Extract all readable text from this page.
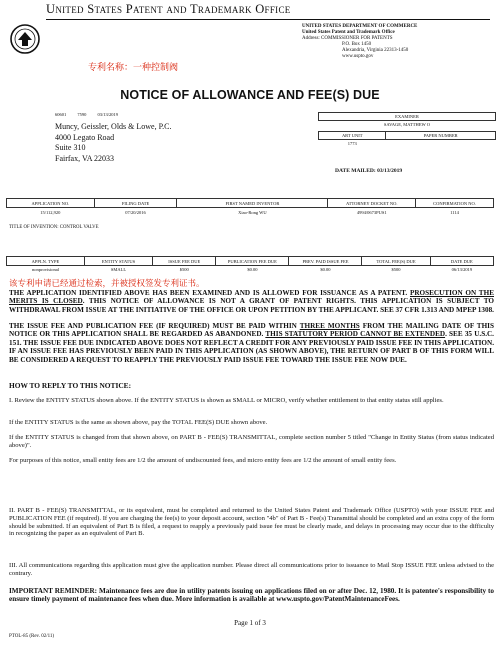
United States Patent and Trademark Office
UNITED STATES DEPARTMENT OF COMMERCE
United States Patent and Trademark Office
Address: COMMISSIONER FOR PATENTS
P.O. Box 1450
Alexandria, Virginia 22313-1450
www.uspto.gov
专利名称：一种控制阀
NOTICE OF ALLOWANCE AND FEE(S) DUE
60601 7590 03/13/2019
Muncy, Geissler, Olds & Lowe, P.C.
4000 Legato Road
Suite 310
Fairfax, VA 22033
EXAMINER	
SAVAGE, MATTHEW O	

ART UNIT	PAPER NUMBER
1773	
DATE MAILED: 03/13/2019
APPLICATION NO.	FILING DATE	FIRST NAMED INVENTOR	ATTORNEY DOCKET NO.	CONFIRMATION NO.
15/112,920	07/20/2016	Xiao-Rong WU	4994/0673PUS1	1114
TITLE OF INVENTION: CONTROL VALVE
APPLN. TYPE	ENTITY STATUS	ISSUE FEE DUE	PUBLICATION FEE DUE	PREV. PAID ISSUE FEE	TOTAL FEE(S) DUE	DATE DUE
nonprovisional	SMALL	$500	$0.00	$0.00	$500	06/13/2019
该专利申请已经通过检索，并被授权签发专利证书。
THE APPLICATION IDENTIFIED ABOVE HAS BEEN EXAMINED AND IS ALLOWED FOR ISSUANCE AS A PATENT. PROSECUTION ON THE MERITS IS CLOSED. THIS NOTICE OF ALLOWANCE IS NOT A GRANT OF PATENT RIGHTS. THIS APPLICATION IS SUBJECT TO WITHDRAWAL FROM ISSUE AT THE INITIATIVE OF THE OFFICE OR UPON PETITION BY THE APPLICANT. SEE 37 CFR 1.313 AND MPEP 1308.
THE ISSUE FEE AND PUBLICATION FEE (IF REQUIRED) MUST BE PAID WITHIN THREE MONTHS FROM THE MAILING DATE OF THIS NOTICE OR THIS APPLICATION SHALL BE REGARDED AS ABANDONED. THIS STATUTORY PERIOD CANNOT BE EXTENDED. SEE 35 U.S.C. 151. THE ISSUE FEE DUE INDICATED ABOVE DOES NOT REFLECT A CREDIT FOR ANY PREVIOUSLY PAID ISSUE FEE IN THIS APPLICATION. IF AN ISSUE FEE HAS PREVIOUSLY BEEN PAID IN THIS APPLICATION (AS SHOWN ABOVE), THE RETURN OF PART B OF THIS FORM WILL BE CONSIDERED A REQUEST TO REAPPLY THE PREVIOUSLY PAID ISSUE FEE TOWARD THE ISSUE FEE NOW DUE.
HOW TO REPLY TO THIS NOTICE:
I. Review the ENTITY STATUS shown above. If the ENTITY STATUS is shown as SMALL or MICRO, verify whether entitlement to that entity status still applies.
If the ENTITY STATUS is the same as shown above, pay the TOTAL FEE(S) DUE shown above.
If the ENTITY STATUS is changed from that shown above, on PART B - FEE(S) TRANSMITTAL, complete section number 5 titled "Change in Entity Status (from status indicated above)".
For purposes of this notice, small entity fees are 1/2 the amount of undiscounted fees, and micro entity fees are 1/2 the amount of small entity fees.
II. PART B - FEE(S) TRANSMITTAL, or its equivalent, must be completed and returned to the United States Patent and Trademark Office (USPTO) with your ISSUE FEE and PUBLICATION FEE (if required). If you are charging the fee(s) to your deposit account, section "4b" of Part B - Fee(s) Transmittal should be completed and an extra copy of the form should be submitted. If an equivalent of Part B is filed, a request to reapply a previously paid issue fee must be clearly made, and delays in processing may occur due to the difficulty in recognizing the paper as an equivalent of Part B.
III. All communications regarding this application must give the application number. Please direct all communications prior to issuance to Mail Stop ISSUE FEE unless advised to the contrary.
IMPORTANT REMINDER: Maintenance fees are due in utility patents issuing on applications filed on or after Dec. 12, 1980. It is patentee's responsibility to ensure timely payment of maintenance fees when due. More information is available at www.uspto.gov/PatentMaintenanceFees.
Page 1 of 3
PTOL-85 (Rev. 02/11)
